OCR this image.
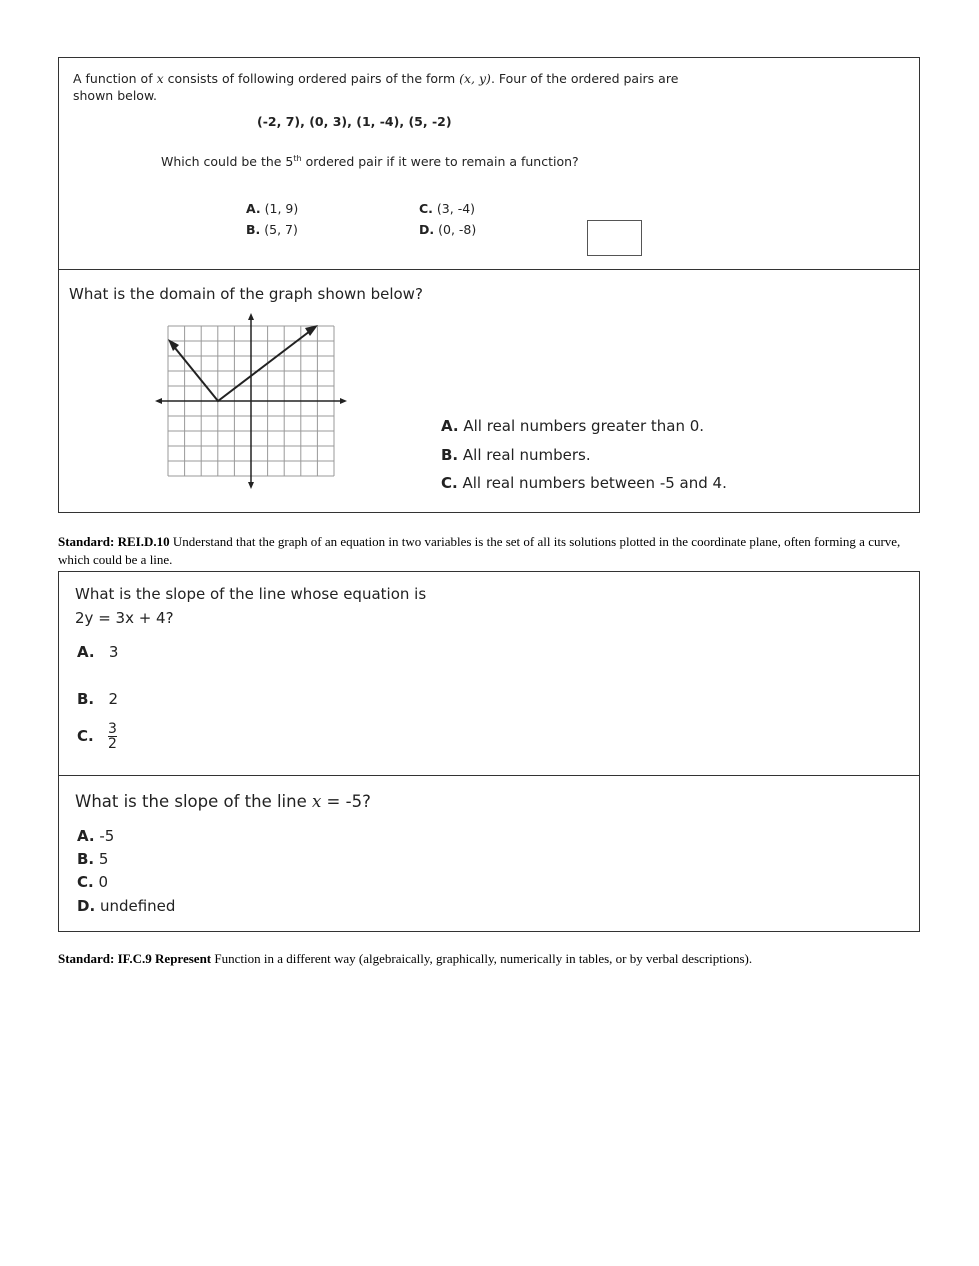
A function of x consists of following ordered pairs of the form (x, y). Four of the ordered pairs are
shown below.
(-2, 7), (0, 3), (1, -4), (5, -2)
Which could be the 5th ordered pair if it were to remain a function?
A. (1, 9)
B. (5, 7)
C. (3, -4)
D. (0, -8)
What is the domain of the graph shown below?
A. All real numbers greater than 0.
B. All real numbers.
C. All real numbers between -5 and 4.
Standard: REI.D.10 Understand that the graph of an equation in two variables is the set of all its solutions plotted in the coordinate plane, often forming a curve, which could be a line.
What is the slope of the line whose equation is
2y = 3x + 4?
A. 3
B. 2
C. $\frac{3}{2}$
What is the slope of the line x = -5?
A. -5
B. 5
C. 0
D. undefined
Standard: IF.C.9 Represent Function in a different way (algebraically, graphically, numerically in tables, or by verbal descriptions).
